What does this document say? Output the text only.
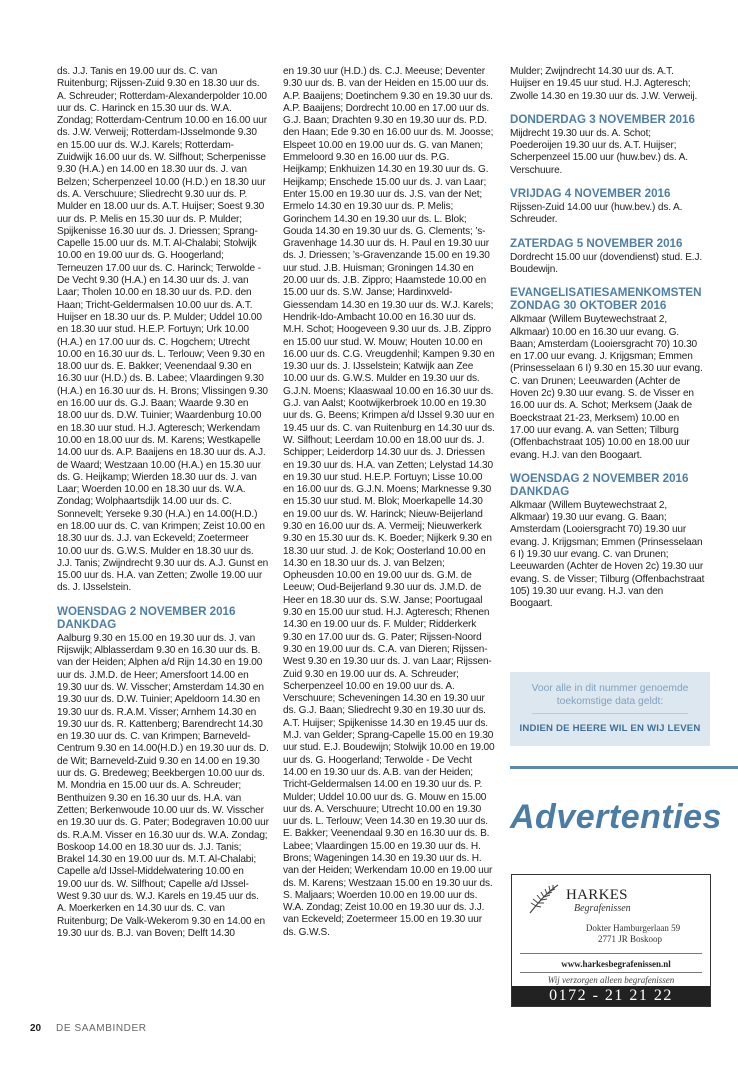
ds. J.J. Tanis en 19.00 uur ds. C. van Ruitenburg; Rijssen-Zuid 9.30 en 18.30 uur ds. A. Schreuder; Rotterdam-Alexanderpolder 10.00 uur ds. C. Harinck en 15.30 uur ds. W.A. Zondag; Rotterdam-Centrum 10.00 en 16.00 uur ds. J.W. Verweij; Rotterdam-IJsselmonde 9.30 en 15.00 uur ds. W.J. Karels; Rotterdam-Zuidwijk 16.00 uur ds. W. Silfhout; Scherpenisse 9.30 (H.A.) en 14.00 en 18.30 uur ds. J. van Belzen; Scherpenzeel 10.00 (H.D.) en 18.30 uur ds. A. Verschuure; Sliedrecht 9.30 uur ds. P. Mulder en 18.00 uur ds. A.T. Huijser; Soest 9.30 uur ds. P. Melis en 15.30 uur ds. P. Mulder; Spijkenisse 16.30 uur ds. J. Driessen; Sprang-Capelle 15.00 uur ds. M.T. Al-Chalabi; Stolwijk 10.00 en 19.00 uur ds. G. Hoogerland; Terneuzen 17.00 uur ds. C. Harinck; Terwolde - De Vecht 9.30 (H.A.) en 14.30 uur ds. J. van Laar; Tholen 10.00 en 18.30 uur ds. P.D. den Haan; Tricht-Geldermalsen 10.00 uur ds. A.T. Huijser en 18.30 uur ds. P. Mulder; Uddel 10.00 en 18.30 uur stud. H.E.P. Fortuyn; Urk 10.00 (H.A.) en 17.00 uur ds. C. Hogchem; Utrecht 10.00 en 16.30 uur ds. L. Terlouw; Veen 9.30 en 18.00 uur ds. E. Bakker; Veenendaal 9.30 en 16.30 uur (H.D.) ds. B. Labee; Vlaardingen 9.30 (H.A.) en 16.30 uur ds. H. Brons; Vlissingen 9.30 en 16.00 uur ds. G.J. Baan; Waarde 9.30 en 18.00 uur ds. D.W. Tuinier; Waardenburg 10.00 en 18.30 uur stud. H.J. Agteresch; Werkendam 10.00 en 18.00 uur ds. M. Karens; Westkapelle 14.00 uur ds. A.P. Baaijens en 18.30 uur ds. A.J. de Waard; Westzaan 10.00 (H.A.) en 15.30 uur ds. G. Heijkamp; Wierden 18.30 uur ds. J. van Laar; Woerden 10.00 en 18.30 uur ds. W.A. Zondag; Wolphaartsdijk 14.00 uur ds. C. Sonnevelt; Yerseke 9.30 (H.A.) en 14.00(H.D.) en 18.00 uur ds. C. van Krimpen; Zeist 10.00 en 18.30 uur ds. J.J. van Eckeveld; Zoetermeer 10.00 uur ds. G.W.S. Mulder en 18.30 uur ds. J.J. Tanis; Zwijndrecht 9.30 uur ds. A.J. Gunst en 15.00 uur ds. H.A. van Zetten; Zwolle 19.00 uur ds. J. IJsselstein.

WOENSDAG 2 NOVEMBER 2016 DANKDAG

Aalburg 9.30 en 15.00 en 19.30 uur ds. J. van Rijswijk; Alblasserdam 9.30 en 16.30 uur ds. B. van der Heiden; Alphen a/d Rijn 14.30 en 19.00 uur ds. J.M.D. de Heer; Amersfoort 14.00 en 19.30 uur ds. W. Visscher; Amsterdam 14.30 en 19.30 uur ds. D.W. Tuinier; Apeldoorn 14.30 en 19.30 uur ds. R.A.M. Visser; Arnhem 14.30 en 19.30 uur ds. R. Kattenberg; Barendrecht 14.30 en 19.30 uur ds. C. van Krimpen; Barneveld-Centrum 9.30 en 14.00(H.D.) en 19.30 uur ds. D. de Wit; Barneveld-Zuid 9.30 en 14.00 en 19.30 uur ds. G. Bredeweg; Beekbergen 10.00 uur ds. M. Mondria en 15.00 uur ds. A. Schreuder; Benthuizen 9.30 en 16.30 uur ds. H.A. van Zetten; Berkenwoude 10.00 uur ds. W. Visscher en 19.30 uur ds. G. Pater; Bodegraven 10.00 uur ds. R.A.M. Visser en 16.30 uur ds. W.A. Zondag; Boskoop 14.00 en 18.30 uur ds. J.J. Tanis; Brakel 14.30 en 19.00 uur ds. M.T. Al-Chalabi; Capelle a/d IJssel-Middelwatering 10.00 en 19.00 uur ds. W. Silfhout; Capelle a/d IJssel-West 9.30 uur ds. W.J. Karels en 19.45 uur ds. A. Moerkerken en 14.30 uur ds. C. van Ruitenburg; De Valk-Wekerom 9.30 en 14.00 en 19.30 uur ds. B.J. van Boven; Delft 14.30

en 19.30 uur (H.D.) ds. C.J. Meeuse; Deventer 9.30 uur ds. B. van der Heiden en 15.00 uur ds. A.P. Baaijens; Doetinchem 9.30 en 19.30 uur ds. A.P. Baaijens; Dordrecht 10.00 en 17.00 uur ds. G.J. Baan; Drachten 9.30 en 19.30 uur ds. P.D. den Haan; Ede 9.30 en 16.00 uur ds. M. Joosse; Elspeet 10.00 en 19.00 uur ds. G. van Manen; Emmeloord 9.30 en 16.00 uur ds. P.G. Heijkamp; Enkhuizen 14.30 en 19.30 uur ds. G. Heijkamp; Enschede 15.00 uur ds. J. van Laar; Enter 15.00 en 19.30 uur ds. J.S. van der Net; Ermelo 14.30 en 19.30 uur ds. P. Melis; Gorinchem 14.30 en 19.30 uur ds. L. Blok; Gouda 14.30 en 19.30 uur ds. G. Clements; ’s-Gravenhage 14.30 uur ds. H. Paul en 19.30 uur ds. J. Driessen; ’s-Gravenzande 15.00 en 19.30 uur stud. J.B. Huisman; Groningen 14.30 en 20.00 uur ds. J.B. Zippro; Haamstede 10.00 en 15.00 uur ds. S.W. Janse; Hardinxveld-Giessendam 14.30 en 19.30 uur ds. W.J. Karels; Hendrik-Ido-Ambacht 10.00 en 16.30 uur ds. M.H. Schot; Hoogeveen 9.30 uur ds. J.B. Zippro en 15.00 uur stud. W. Mouw; Houten 10.00 en 16.00 uur ds. C.G. Vreugdenhil; Kampen 9.30 en 19.30 uur ds. J. IJsselstein; Katwijk aan Zee 10.00 uur ds. G.W.S. Mulder en 19.30 uur ds. G.J.N. Moens; Klaaswaal 10.00 en 16.30 uur ds. G.J. van Aalst; Kootwijkerbroek 10.00 en 19.30 uur ds. G. Beens; Krimpen a/d IJssel 9.30 uur en 19.45 uur ds. C. van Ruitenburg en 14.30 uur ds. W. Silfhout; Leerdam 10.00 en 18.00 uur ds. J. Schipper; Leiderdorp 14.30 uur ds. J. Driessen en 19.30 uur ds. H.A. van Zetten; Lelystad 14.30 en 19.30 uur stud. H.E.P. Fortuyn; Lisse 10.00 en 16.00 uur ds. G.J.N. Moens; Marknesse 9.30 en 15.30 uur stud. M. Blok; Moerkapelle 14.30 en 19.00 uur ds. W. Harinck; Nieuw-Beijerland 9.30 en 16.00 uur ds. A. Vermeij; Nieuwerkerk 9.30 en 15.30 uur ds. K. Boeder; Nijkerk 9.30 en 18.30 uur stud. J. de Kok; Oosterland 10.00 en 14.30 en 18.30 uur ds. J. van Belzen; Opheusden 10.00 en 19.00 uur ds. G.M. de Leeuw; Oud-Beijerland 9.30 uur ds. J.M.D. de Heer en 18.30 uur ds. S.W. Janse; Poortugaal 9.30 en 15.00 uur stud. H.J. Agteresch; Rhenen 14.30 en 19.00 uur ds. F. Mulder; Ridderkerk 9.30 en 17.00 uur ds. G. Pater; Rijssen-Noord 9.30 en 19.00 uur ds. C.A. van Dieren; Rijssen-West 9.30 en 19.30 uur ds. J. van Laar; Rijssen-Zuid 9.30 en 19.00 uur ds. A. Schreuder; Scherpenzeel 10.00 en 19.00 uur ds. A. Verschuure; Scheveningen 14.30 en 19.30 uur ds. G.J. Baan; Sliedrecht 9.30 en 19.30 uur ds. A.T. Huijser; Spijkenisse 14.30 en 19.45 uur ds. M.J. van Gelder; Sprang-Capelle 15.00 en 19.30 uur stud. E.J. Boudewijn; Stolwijk 10.00 en 19.00 uur ds. G. Hoogerland; Terwolde - De Vecht 14.00 en 19.30 uur ds. A.B. van der Heiden; Tricht-Geldermalsen 14.00 en 19.30 uur ds. P. Mulder; Uddel 10.00 uur ds. G. Mouw en 15.00 uur ds. A. Verschuure; Utrecht 10.00 en 19.30 uur ds. L. Terlouw; Veen 14.30 en 19.30 uur ds. E. Bakker; Veenendaal 9.30 en 16.30 uur ds. B. Labee; Vlaardingen 15.00 en 19.30 uur ds. H. Brons; Wageningen 14.30 en 19.30 uur ds. H. van der Heiden; Werkendam 10.00 en 19.00 uur ds. M. Karens; Westzaan 15.00 en 19.30 uur ds. S. Maljaars; Woerden 10.00 en 19.00 uur ds. W.A. Zondag; Zeist 10.00 en 19.30 uur ds. J.J. van Eckeveld; Zoetermeer 15.00 en 19.30 uur ds. G.W.S.

Mulder; Zwijndrecht 14.30 uur ds. A.T. Huijser en 19.45 uur stud. H.J. Agteresch; Zwolle 14.30 en 19.30 uur ds. J.W. Verweij.

DONDERDAG 3 NOVEMBER 2016

Mijdrecht 19.30 uur ds. A. Schot; Poederoijen 19.30 uur ds. A.T. Huijser; Scherpenzeel 15.00 uur (huw.bev.) ds. A. Verschuure.

VRIJDAG 4 NOVEMBER 2016

Rijssen-Zuid 14.00 uur (huw.bev.) ds. A. Schreuder.

ZATERDAG 5 NOVEMBER 2016

Dordrecht 15.00 uur (dovendienst) stud. E.J. Boudewijn.

EVANGELISATIESAMENKOMSTEN ZONDAG 30 OKTOBER 2016

Alkmaar (Willem Buytewechstraat 2, Alkmaar) 10.00 en 16.30 uur evang. G. Baan; Amsterdam (Looiersgracht 70) 10.30 en 17.00 uur evang. J. Krijgsman; Emmen (Prinsesselaan 6 I) 9.30 en 15.30 uur evang. C. van Drunen; Leeuwarden (Achter de Hoven 2c) 9.30 uur evang. S. de Visser en 16.00 uur ds. A. Schot; Merksem (Jaak de Boeckstraat 21-23, Merksem) 10.00 en 17.00 uur evang. A. van Setten; Tilburg (Offenbachstraat 105) 10.00 en 18.00 uur evang. H.J. van den Boogaart.

WOENSDAG 2 NOVEMBER 2016 DANKDAG

Alkmaar (Willem Buytewechstraat 2, Alkmaar) 19.30 uur evang. G. Baan; Amsterdam (Looiersgracht 70) 19.30 uur evang. J. Krijgsman; Emmen (Prinsesselaan 6 I) 19.30 uur evang. C. van Drunen; Leeuwarden (Achter de Hoven 2c) 19.30 uur evang. S. de Visser; Tilburg (Offenbachstraat 105) 19.30 uur evang. H.J. van den Boogaart.

Voor alle in dit nummer genoemde toekomstige data geldt:
INDIEN DE HEERE WIL EN WIJ LEVEN
Advertenties
HARKES
Begrafenissen
Dokter Hamburgerlaan 59
2771 JR Boskoop
www.harkesbegrafenissen.nl
Wij verzorgen alleen begrafenissen
0172 - 21 21 22
20 DE SAAMBINDER
